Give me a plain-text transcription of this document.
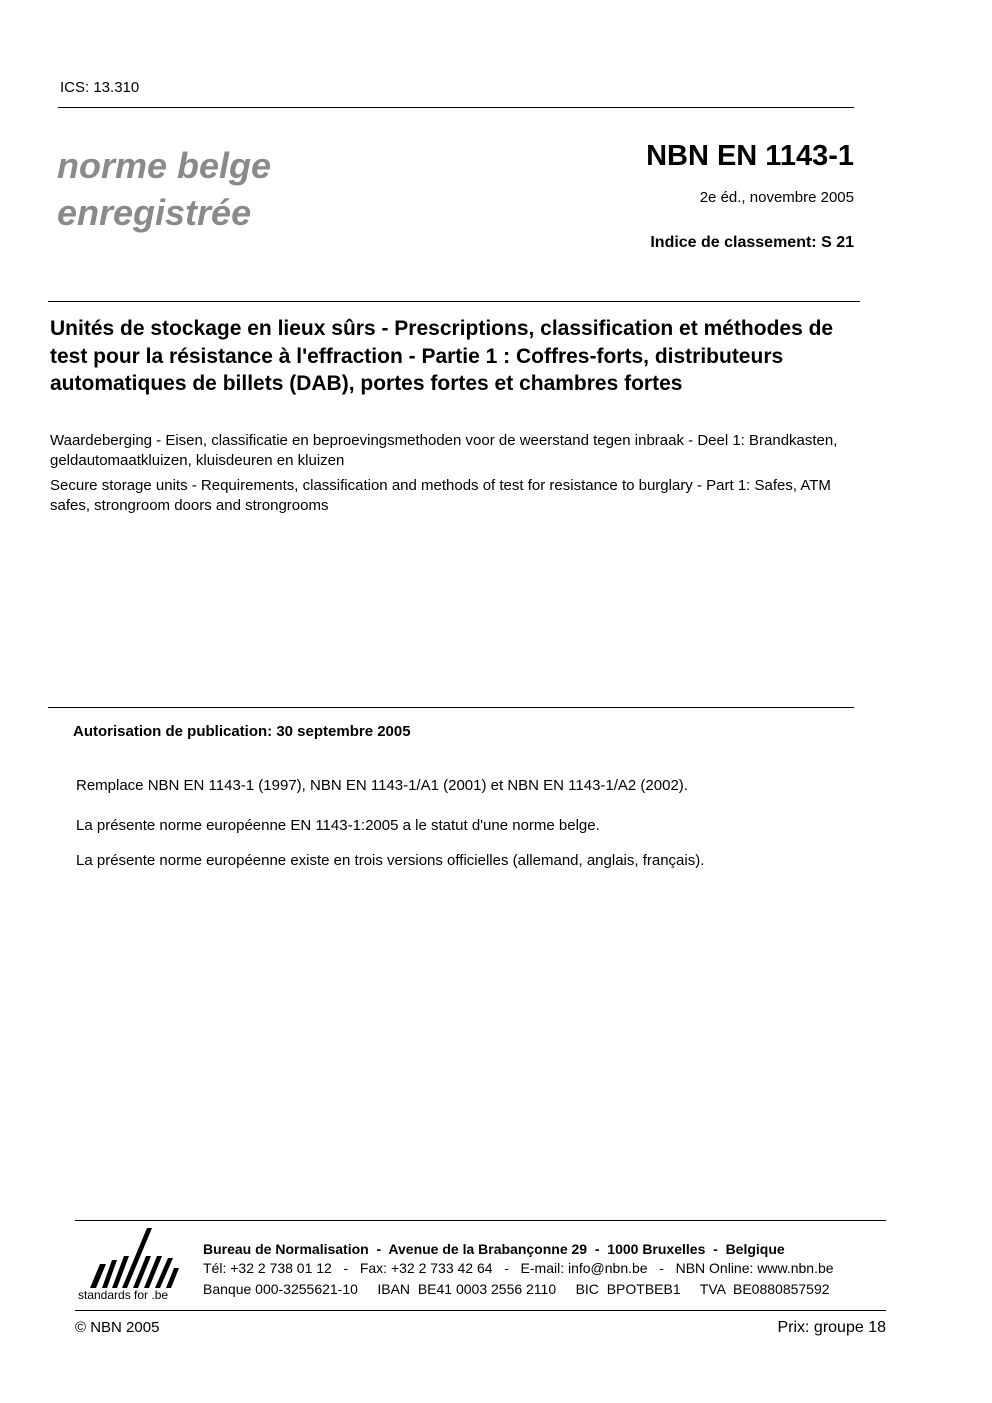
ICS: 13.310
norme belge
enregistrée
NBN EN 1143-1
2e éd., novembre 2005
Indice de classement: S 21
Unités de stockage en lieux sûrs - Prescriptions, classification et méthodes de test pour la résistance à l'effraction - Partie 1 : Coffres-forts, distributeurs automatiques de billets (DAB), portes fortes et chambres fortes
Waardeberging - Eisen, classificatie en beproevingsmethoden voor de weerstand tegen inbraak - Deel 1: Brandkasten, geldautomaatkluizen, kluisdeuren en kluizen
Secure storage units - Requirements, classification and methods of test for resistance to burglary - Part 1: Safes, ATM safes, strongroom doors and strongrooms
Autorisation de publication: 30 septembre 2005
Remplace NBN EN 1143-1 (1997), NBN EN 1143-1/A1 (2001) et NBN EN 1143-1/A2 (2002).
La présente norme européenne EN 1143-1:2005 a le statut d'une norme belge.
La présente norme européenne existe en trois versions officielles (allemand, anglais, français).
standards for .be
Bureau de Normalisation  -  Avenue de la Brabançonne 29  -  1000 Bruxelles  -  Belgique
Tél: +32 2 738 01 12   -   Fax: +32 2 733 42 64   -   E-mail: info@nbn.be   -   NBN Online: www.nbn.be
Banque 000-3255621-10     IBAN  BE41 0003 2556 2110     BIC  BPOTBEB1     TVA  BE0880857592
© NBN 2005	Prix: groupe 18
